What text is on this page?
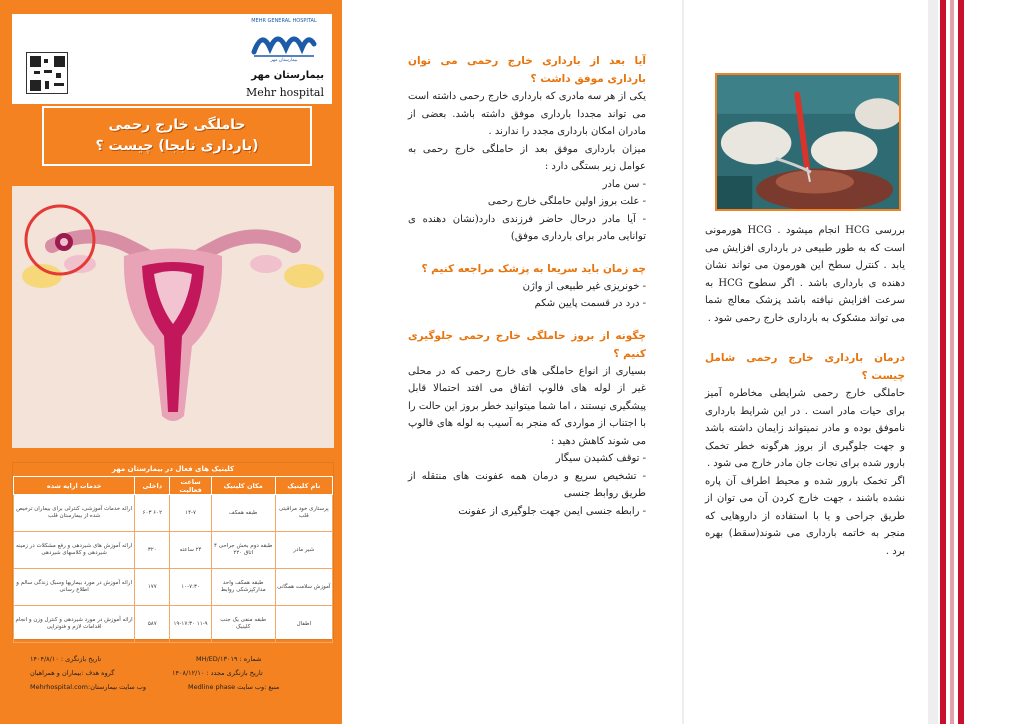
MEHR GENERAL HOSPITAL
بیمارستان مهر
بیمارستان مهر
Mehr hospital
حاملگی خارج رحمی
(بارداری نابجا) چیست ؟
کلینیک های فعال در بیمارستان مهر
نام کلینیک	مکان کلینیک	ساعت فعالیت	داخلی	خدمات ارایه شده
پرستاری خود مراقبتی قلب	طبقه همکف	۱۴-۷	۶۰۲ ۶۰۳	ارائه خدمات آموزشی، کنترلی برای بیماران ترخیص شده از بیمارستان قلب
شیر مادر	طبقه دوم بخش جراحی ۴ اتاق ۲۲۰	۲۴ ساعته	۳۲۰	ارائه آموزش های شیردهی و رفع مشکلات در زمینه شیردهی و کلاسهای شیردهی
آموزش سلامت همگانی	طبقه همکف واحد مدارکپزشکی روابط	۱۰-۷:۳۰	۱۷۷	ارائه آموزش در مورد بیماریها وسبک زندگی سالم و اطلاع رسانی
اطفال	طبقه منفی یک جنب کلینیک	۱۱-۹ ۱۹-۱۷:۳۰	۵۸۷	ارائه آموزش در مورد شیردهی و کنترل وزن و انجام اقدامات لازم و فتوتراپی
شماره : MH/ED/۱۳۰۱۹
تاریخ بازنگری : ۱۴۰۴/۸/۱۰
تاریخ بازنگری مجدد : ۱۴۰۸/۱۲/۱۰
گروه هدف :بیماران و همراهیان
منبع :وب سایت Medline phase
وب سایت بیمارستان:Mehrhospital.com
آیا بعد از بارداری خارج رحمی می توان بارداری موفق داشت ؟
یکی از هر سه مادری که بارداری خارج رحمی داشته است می تواند مجددا بارداری موفق داشته باشد. بعضی از مادران امکان بارداری مجدد را ندارند .
میزان بارداری موفق بعد از حاملگی خارج رحمی به عوامل زیر بستگی دارد :
- سن مادر
- علت بروز اولین حاملگی خارج رحمی
- آیا مادر درحال حاضر فرزندی دارد(نشان دهنده ی توانایی مادر برای بارداری موفق)
چه زمان باید سریعا به پزشک مراجعه کنیم ؟
- خونریزی غیر طبیعی از واژن
- درد در قسمت پایین شکم
چگونه از بروز حاملگی خارج رحمی جلوگیری کنیم ؟
بسیاری از انواع حاملگی های خارج رحمی که در محلی غیر از لوله های فالوپ اتفاق می افتد احتمالا قابل پیشگیری نیستند ، اما شما میتوانید خطر بروز این حالت را با اجتناب از مواردی که منجر به آسیب به لوله های فالوپ می شوند کاهش دهید :
- توقف کشیدن سیگار
- تشخیص سریع و درمان همه عفونت های منتقله از طریق روابط جنسی
- رابطه جنسی ایمن جهت جلوگیری از عفونت
بررسی HCG انجام میشود . HCG هورمونی است که به طور طبیعی در بارداری افزایش می یابد . کنترل سطح این هورمون می تواند نشان دهنده ی بارداری باشد . اگر سطوح HCG به سرعت افزایش نیافته باشد پزشک معالج شما می تواند مشکوک به بارداری خارج رحمی شود .
درمان بارداری خارج رحمی شامل چیست ؟
حاملگی خارج رحمی شرایطی مخاطره آمیز برای حیات مادر است . در این شرایط بارداری ناموفق بوده و مادر نمیتواند زایمان داشته باشد و جهت جلوگیری از بروز هرگونه خطر تخمک بارور شده برای نجات جان مادر خارج می شود .
اگر تخمک بارور شده و محیط اطراف آن پاره نشده باشند ، جهت خارج کردن آن می توان از طریق جراحی و یا با استفاده از داروهایی که منجر به خاتمه بارداری می شوند(سقط) بهره برد .
